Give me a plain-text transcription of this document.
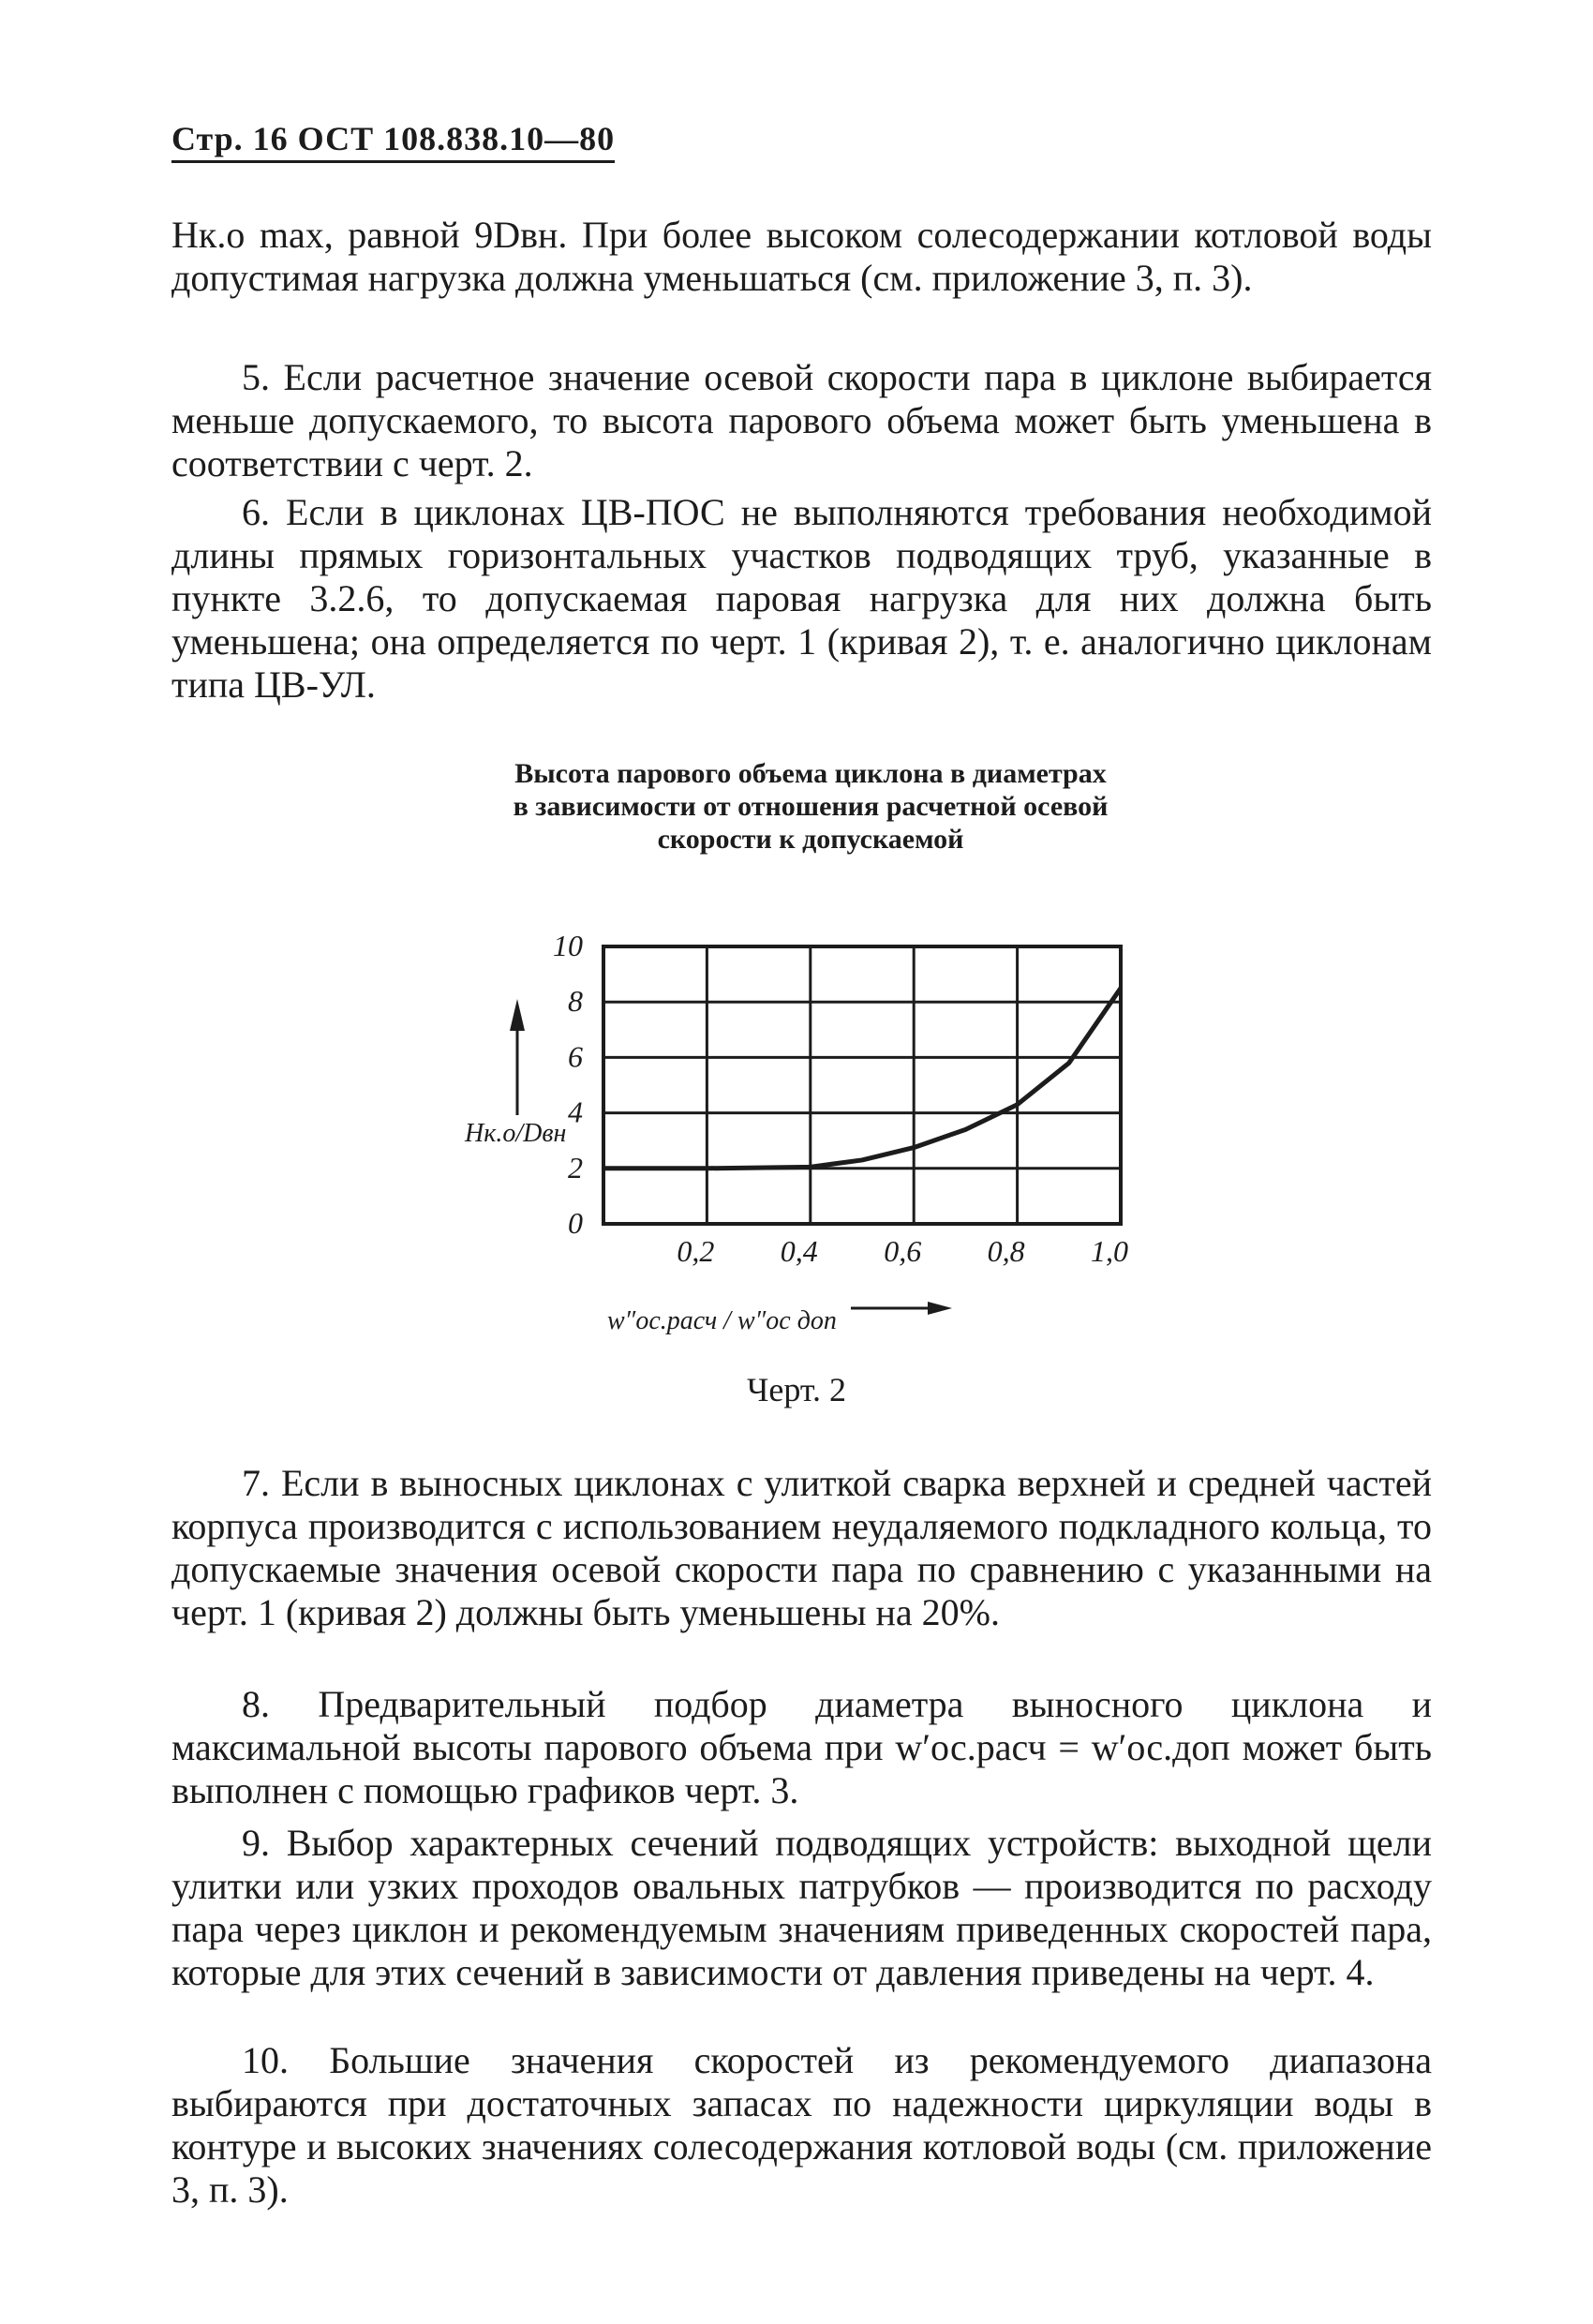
Стр. 16 ОСТ 108.838.10—80

Нк.о max, равной 9Dвн. При более высоком солесодержании котловой воды допустимая нагрузка должна уменьшаться (см. приложение 3, п. 3).

5. Если расчетное значение осевой скорости пара в циклоне выбирается меньше допускаемого, то высота парового объема может быть уменьшена в соответствии с черт. 2.

6. Если в циклонах ЦВ-ПОС не выполняются требования необходимой длины прямых горизонтальных участков подводящих труб, указанные в пункте 3.2.6, то допускаемая паровая нагрузка для них должна быть уменьшена; она определяется по черт. 1 (кривая 2), т. е. аналогично циклонам типа ЦВ-УЛ.

Высота парового объема циклона в диаметрах в зависимости от отношения расчетной осевой скорости к допускаемой
0
2
4
6
8
10
0,2 0,4 0,6 0,8 1,0
Hк.о/Dвн
w″ос.расч / w″ос доп
Черт. 2

7. Если в выносных циклонах с улиткой сварка верхней и средней частей корпуса производится с использованием неудаляемого подкладного кольца, то допускаемые значения осевой скорости пара по сравнению с указанными на черт. 1 (кривая 2) должны быть уменьшены на 20%.

8. Предварительный подбор диаметра выносного циклона и максимальной высоты парового объема при w′ос.расч = w′ос.доп может быть выполнен с помощью графиков черт. 3.

9. Выбор характерных сечений подводящих устройств: выходной щели улитки или узких проходов овальных патрубков — производится по расходу пара через циклон и рекомендуемым значениям приведенных скоростей пара, которые для этих сечений в зависимости от давления приведены на черт. 4.

10. Большие значения скоростей из рекомендуемого диапазона выбираются при достаточных запасах по надежности циркуляции воды в контуре и высоких значениях солесодержания котловой воды (см. приложение 3, п. 3).
